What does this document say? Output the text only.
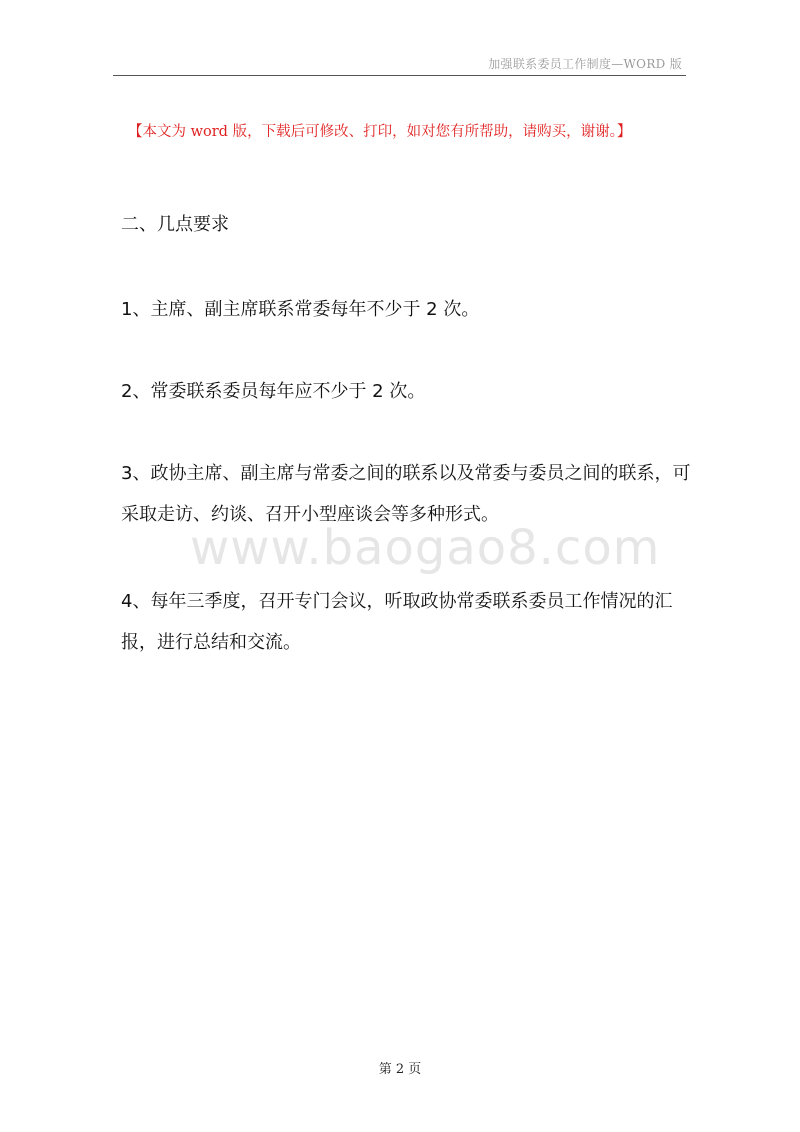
加强联系委员工作制度—WORD 版
【本文为 word 版，下载后可修改、打印，如对您有所帮助，请购买，谢谢。】
二、几点要求

1、主席、副主席联系常委每年不少于 2 次。

2、常委联系委员每年应不少于 2 次。

3、政协主席、副主席与常委之间的联系以及常委与委员之间的联系，可采取走访、约谈、召开小型座谈会等多种形式。

4、每年三季度，召开专门会议，听取政协常委联系委员工作情况的汇报，进行总结和交流。

www.baogao8.com
第 2 页
